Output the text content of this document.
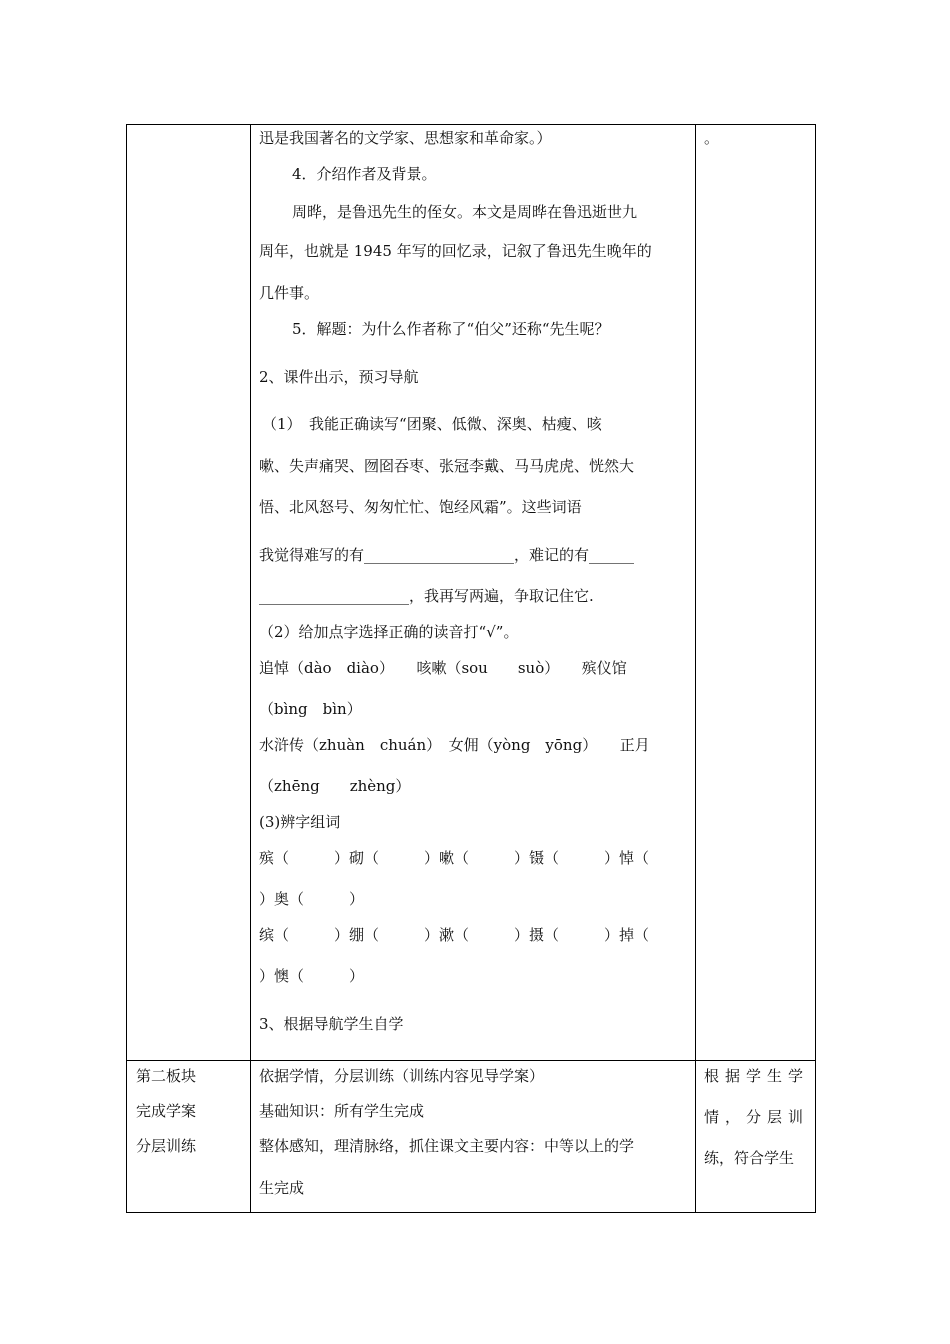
迅是我国著名的文学家、思想家和革命家。）
4．介绍作者及背景。
周晔，是鲁迅先生的侄女。本文是周晔在鲁迅逝世九
周年，也就是 1945 年写的回忆录，记叙了鲁迅先生晚年的
几件事。
5．解题：为什么作者称了“伯父”还称“先生呢？
2、课件出示，预习导航
（1）　我能正确读写“团聚、低微、深奥、枯瘦、咳
嗽、失声痛哭、囫囵吞枣、张冠李戴、马马虎虎、恍然大
悟、北风怒号、匆匆忙忙、饱经风霜”。这些词语
我觉得难写的有____________________，难记的有______
____________________，我再写两遍，争取记住它.
（2）给加点字选择正确的读音打“√”。
追悼（dào　diào）　　咳嗽（sou　　suò）　　殡仪馆
（bìng　bìn）
水浒传（zhuàn　chuán）　女佣（yòng　yōng）　　正月
（zhēng　　zhèng）
(3)辨字组词
殡（　　　）砌（　　　）嗽（　　　）镊（　　　）悼（
）奥（　　　）
缤（　　　）绷（　　　）漱（　　　）摄（　　　）掉（
）懊（　　　）
3、根据导航学生自学
。
第二板块
完成学案
分层训练
依据学情，分层训练（训练内容见导学案）
基础知识：所有学生完成
整体感知，理清脉络，抓住课文主要内容：中等以上的学
生完成
根据学生学
情，分层训
练，符合学生
